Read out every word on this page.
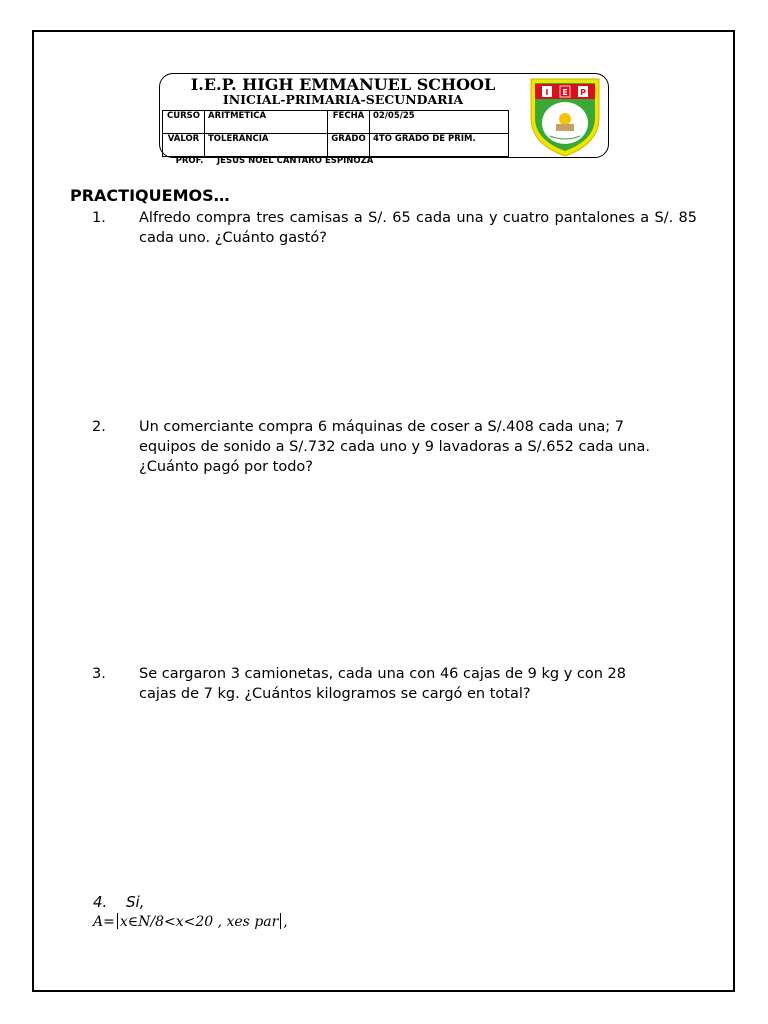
I.E.P. HIGH EMMANUEL SCHOOL
INICIAL-PRIMARIA-SECUNDARIA
CURSO	ARITMETICA	FECHA	02/05/25
VALOR	TOLERANCIA	GRADO	4TO GRADO DE PRIM.
PROF. JESUS NOEL CANTARO ESPINOZA
I E P
PRACTIQUEMOS…
1. Alfredo compra tres camisas a S/. 65 cada una y cuatro pantalones a S/. 85 cada uno. ¿Cuánto gastó?
2. Un comerciante compra 6 máquinas de coser a S/.408 cada una; 7
equipos de sonido a S/.732 cada uno y 9 lavadoras a S/.652 cada una.
¿Cuánto pagó por todo?
3. Se cargaron 3 camionetas, cada una con 46 cajas de 9 kg y con 28
cajas de 7 kg. ¿Cuántos kilogramos se cargó en total?
4. Si,
A= x∈N/8<x<20 , xes par ,
